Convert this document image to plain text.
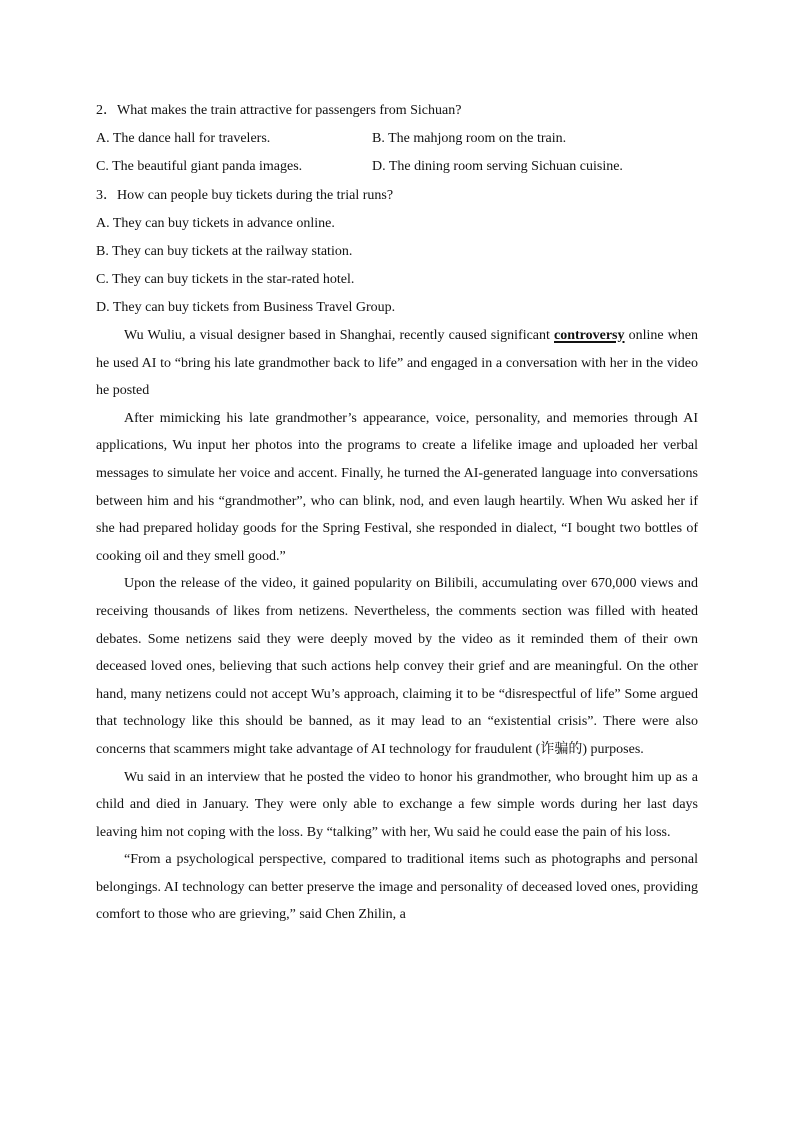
2．What makes the train attractive for passengers from Sichuan?
A. The dance hall for travelers.	B. The mahjong room on the train.
C. The beautiful giant panda images.	D. The dining room serving Sichuan cuisine.
3．How can people buy tickets during the trial runs?
A. They can buy tickets in advance online.
B. They can buy tickets at the railway station.
C. They can buy tickets in the star-rated hotel.
D. They can buy tickets from Business Travel Group.

Wu Wuliu, a visual designer based in Shanghai, recently caused significant controversy online when he used AI to “bring his late grandmother back to life” and engaged in a conversation with her in the video he posted

After mimicking his late grandmother’s appearance, voice, personality, and memories through AI applications, Wu input her photos into the programs to create a lifelike image and uploaded her verbal messages to simulate her voice and accent. Finally, he turned the AI-generated language into conversations between him and his “grandmother”, who can blink, nod, and even laugh heartily. When Wu asked her if she had prepared holiday goods for the Spring Festival, she responded in dialect, “I bought two bottles of cooking oil and they smell good.”

Upon the release of the video, it gained popularity on Bilibili, accumulating over 670,000 views and receiving thousands of likes from netizens. Nevertheless, the comments section was filled with heated debates. Some netizens said they were deeply moved by the video as it reminded them of their own deceased loved ones, believing that such actions help convey their grief and are meaningful. On the other hand, many netizens could not accept Wu’s approach, claiming it to be “disrespectful of life” Some argued that technology like this should be banned, as it may lead to an “existential crisis”. There were also concerns that scammers might take advantage of AI technology for fraudulent (诈骗的) purposes.

Wu said in an interview that he posted the video to honor his grandmother, who brought him up as a child and died in January. They were only able to exchange a few simple words during her last days leaving him not coping with the loss. By “talking” with her, Wu said he could ease the pain of his loss.

“From a psychological perspective, compared to traditional items such as photographs and personal belongings. AI technology can better preserve the image and personality of deceased loved ones, providing comfort to those who are grieving,” said Chen Zhilin, a
